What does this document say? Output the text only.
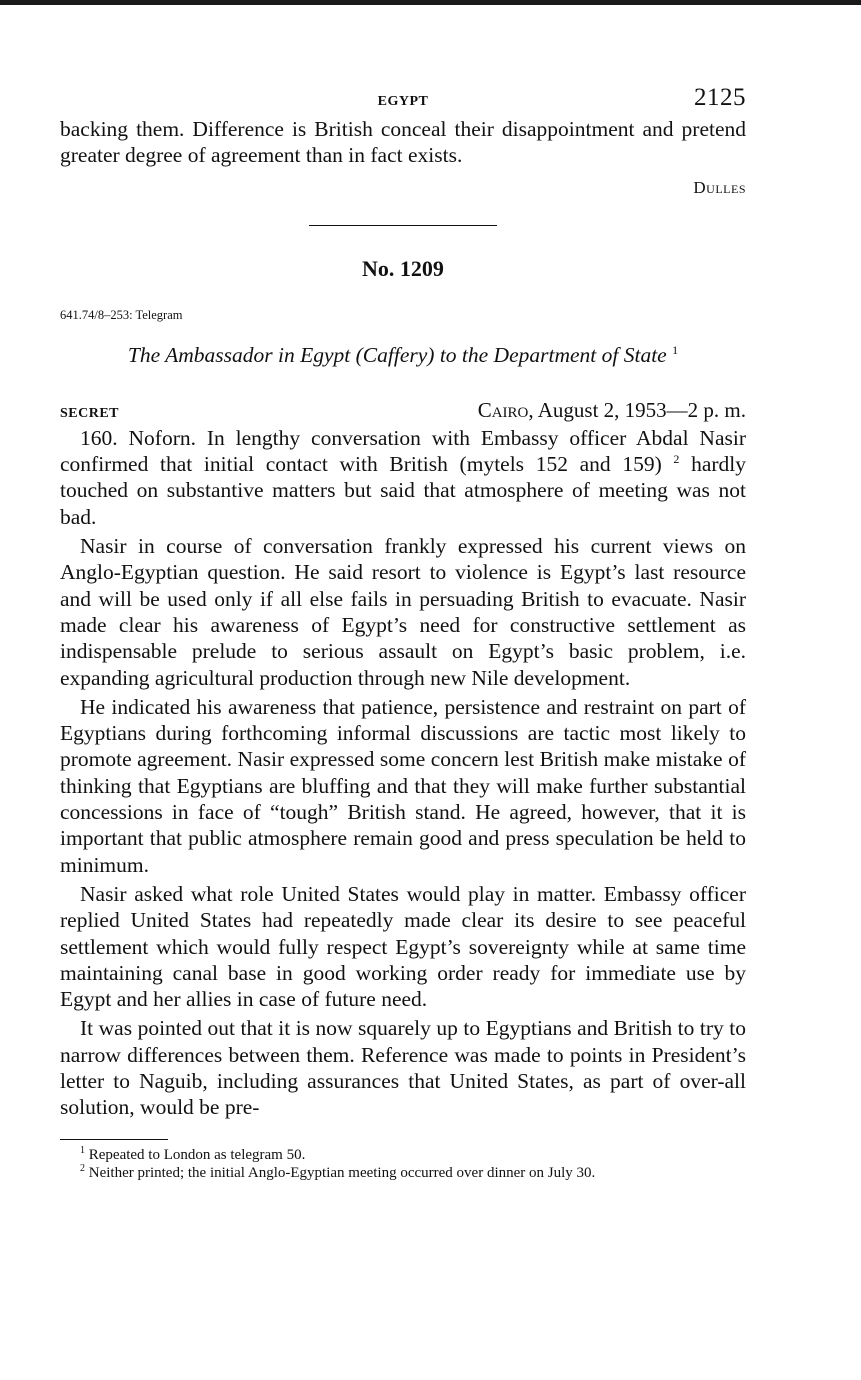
EGYPT	2125

backing them. Difference is British conceal their disappointment and pretend greater degree of agreement than in fact exists.

Dulles
No. 1209
641.74/8–253: Telegram
The Ambassador in Egypt (Caffery) to the Department of State $^1$
SECRET	Cairo, August 2, 1953—2 p. m.

160. Noforn. In lengthy conversation with Embassy officer Abdal Nasir confirmed that initial contact with British (mytels 152 and 159) $^2$ hardly touched on substantive matters but said that atmosphere of meeting was not bad.

Nasir in course of conversation frankly expressed his current views on Anglo-Egyptian question. He said resort to violence is Egypt’s last resource and will be used only if all else fails in persuading British to evacuate. Nasir made clear his awareness of Egypt’s need for constructive settlement as indispensable prelude to serious assault on Egypt’s basic problem, i.e. expanding agricultural production through new Nile development.

He indicated his awareness that patience, persistence and restraint on part of Egyptians during forthcoming informal discussions are tactic most likely to promote agreement. Nasir expressed some concern lest British make mistake of thinking that Egyptians are bluffing and that they will make further substantial concessions in face of “tough” British stand. He agreed, however, that it is important that public atmosphere remain good and press speculation be held to minimum.

Nasir asked what role United States would play in matter. Embassy officer replied United States had repeatedly made clear its desire to see peaceful settlement which would fully respect Egypt’s sovereignty while at same time maintaining canal base in good working order ready for immediate use by Egypt and her allies in case of future need.

It was pointed out that it is now squarely up to Egyptians and British to try to narrow differences between them. Reference was made to points in President’s letter to Naguib, including assurances that United States, as part of over-all solution, would be pre-

$^1$ Repeated to London as telegram 50.

$^2$ Neither printed; the initial Anglo-Egyptian meeting occurred over dinner on July 30.
